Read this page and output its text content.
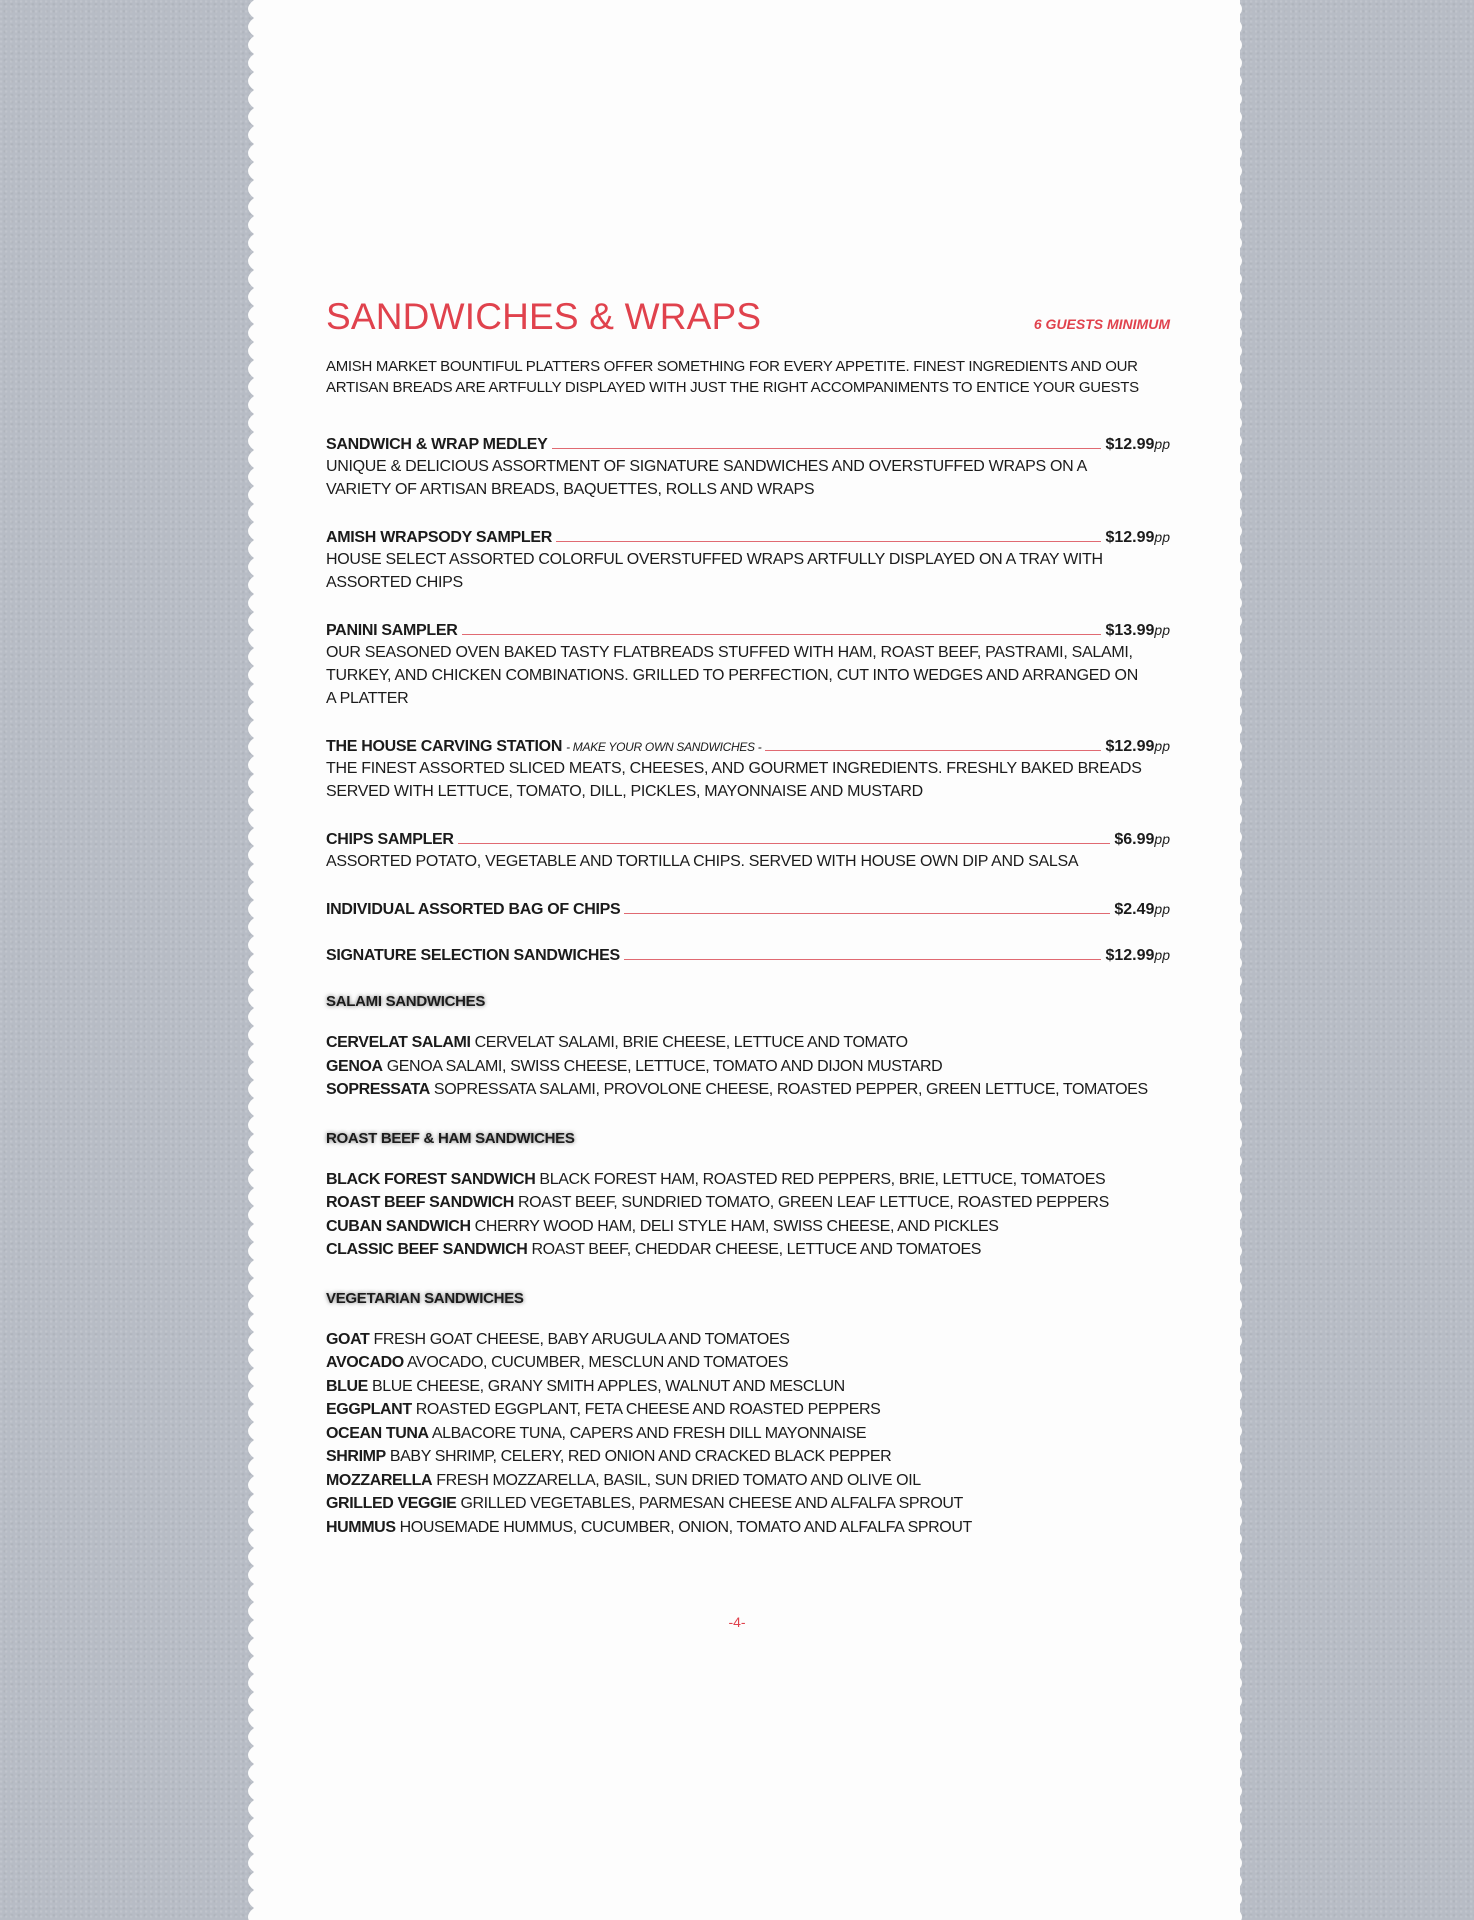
SANDWICHES & WRAPS	6 GUESTS MINIMUM
AMISH MARKET BOUNTIFUL PLATTERS OFFER SOMETHING FOR EVERY APPETITE. FINEST INGREDIENTS AND OUR ARTISAN BREADS ARE ARTFULLY DISPLAYED WITH JUST THE RIGHT ACCOMPANIMENTS TO ENTICE YOUR GUESTS
SANDWICH & WRAP MEDLEY	$12.99pp
UNIQUE & DELICIOUS ASSORTMENT OF SIGNATURE SANDWICHES AND OVERSTUFFED WRAPS ON A VARIETY OF ARTISAN BREADS, BAQUETTES, ROLLS AND WRAPS
AMISH WRAPSODY SAMPLER	$12.99pp
HOUSE SELECT ASSORTED COLORFUL OVERSTUFFED WRAPS ARTFULLY DISPLAYED ON A TRAY WITH ASSORTED CHIPS
PANINI SAMPLER	$13.99pp
OUR SEASONED OVEN BAKED TASTY FLATBREADS STUFFED WITH HAM, ROAST BEEF, PASTRAMI, SALAMI, TURKEY, AND CHICKEN COMBINATIONS. GRILLED TO PERFECTION, CUT INTO WEDGES AND ARRANGED ON A PLATTER
THE HOUSE CARVING STATION - MAKE YOUR OWN SANDWICHES -	$12.99pp
THE FINEST ASSORTED SLICED MEATS, CHEESES, AND GOURMET INGREDIENTS. FRESHLY BAKED BREADS SERVED WITH LETTUCE, TOMATO, DILL, PICKLES, MAYONNAISE AND MUSTARD
CHIPS SAMPLER	$6.99pp
ASSORTED POTATO, VEGETABLE AND TORTILLA CHIPS. SERVED WITH HOUSE OWN DIP AND SALSA
INDIVIDUAL ASSORTED BAG OF CHIPS	$2.49pp
SIGNATURE SELECTION SANDWICHES	$12.99pp
SALAMI SANDWICHES
CERVELAT SALAMI CERVELAT SALAMI, BRIE CHEESE, LETTUCE AND TOMATO
GENOA GENOA SALAMI, SWISS CHEESE, LETTUCE, TOMATO AND DIJON MUSTARD
SOPRESSATA SOPRESSATA SALAMI, PROVOLONE CHEESE, ROASTED PEPPER, GREEN LETTUCE, TOMATOES
ROAST BEEF & HAM SANDWICHES
BLACK FOREST SANDWICH BLACK FOREST HAM, ROASTED RED PEPPERS, BRIE, LETTUCE, TOMATOES
ROAST BEEF SANDWICH ROAST BEEF, SUNDRIED TOMATO, GREEN LEAF LETTUCE, ROASTED PEPPERS
CUBAN SANDWICH CHERRY WOOD HAM, DELI STYLE HAM, SWISS CHEESE, AND PICKLES
CLASSIC BEEF SANDWICH ROAST BEEF, CHEDDAR CHEESE, LETTUCE AND TOMATOES
VEGETARIAN SANDWICHES
GOAT FRESH GOAT CHEESE, BABY ARUGULA AND TOMATOES
AVOCADO AVOCADO, CUCUMBER, MESCLUN AND TOMATOES
BLUE BLUE CHEESE, GRANY SMITH APPLES, WALNUT AND MESCLUN
EGGPLANT ROASTED EGGPLANT, FETA CHEESE AND ROASTED PEPPERS
OCEAN TUNA ALBACORE TUNA, CAPERS AND FRESH DILL MAYONNAISE
SHRIMP BABY SHRIMP, CELERY, RED ONION AND CRACKED BLACK PEPPER
MOZZARELLA FRESH MOZZARELLA, BASIL, SUN DRIED TOMATO AND OLIVE OIL
GRILLED VEGGIE GRILLED VEGETABLES, PARMESAN CHEESE AND ALFALFA SPROUT
HUMMUS HOUSEMADE HUMMUS, CUCUMBER, ONION, TOMATO AND ALFALFA SPROUT
-4-
